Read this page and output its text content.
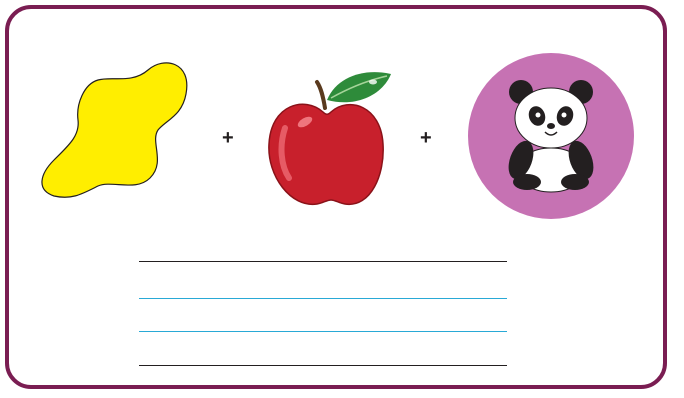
+	+
